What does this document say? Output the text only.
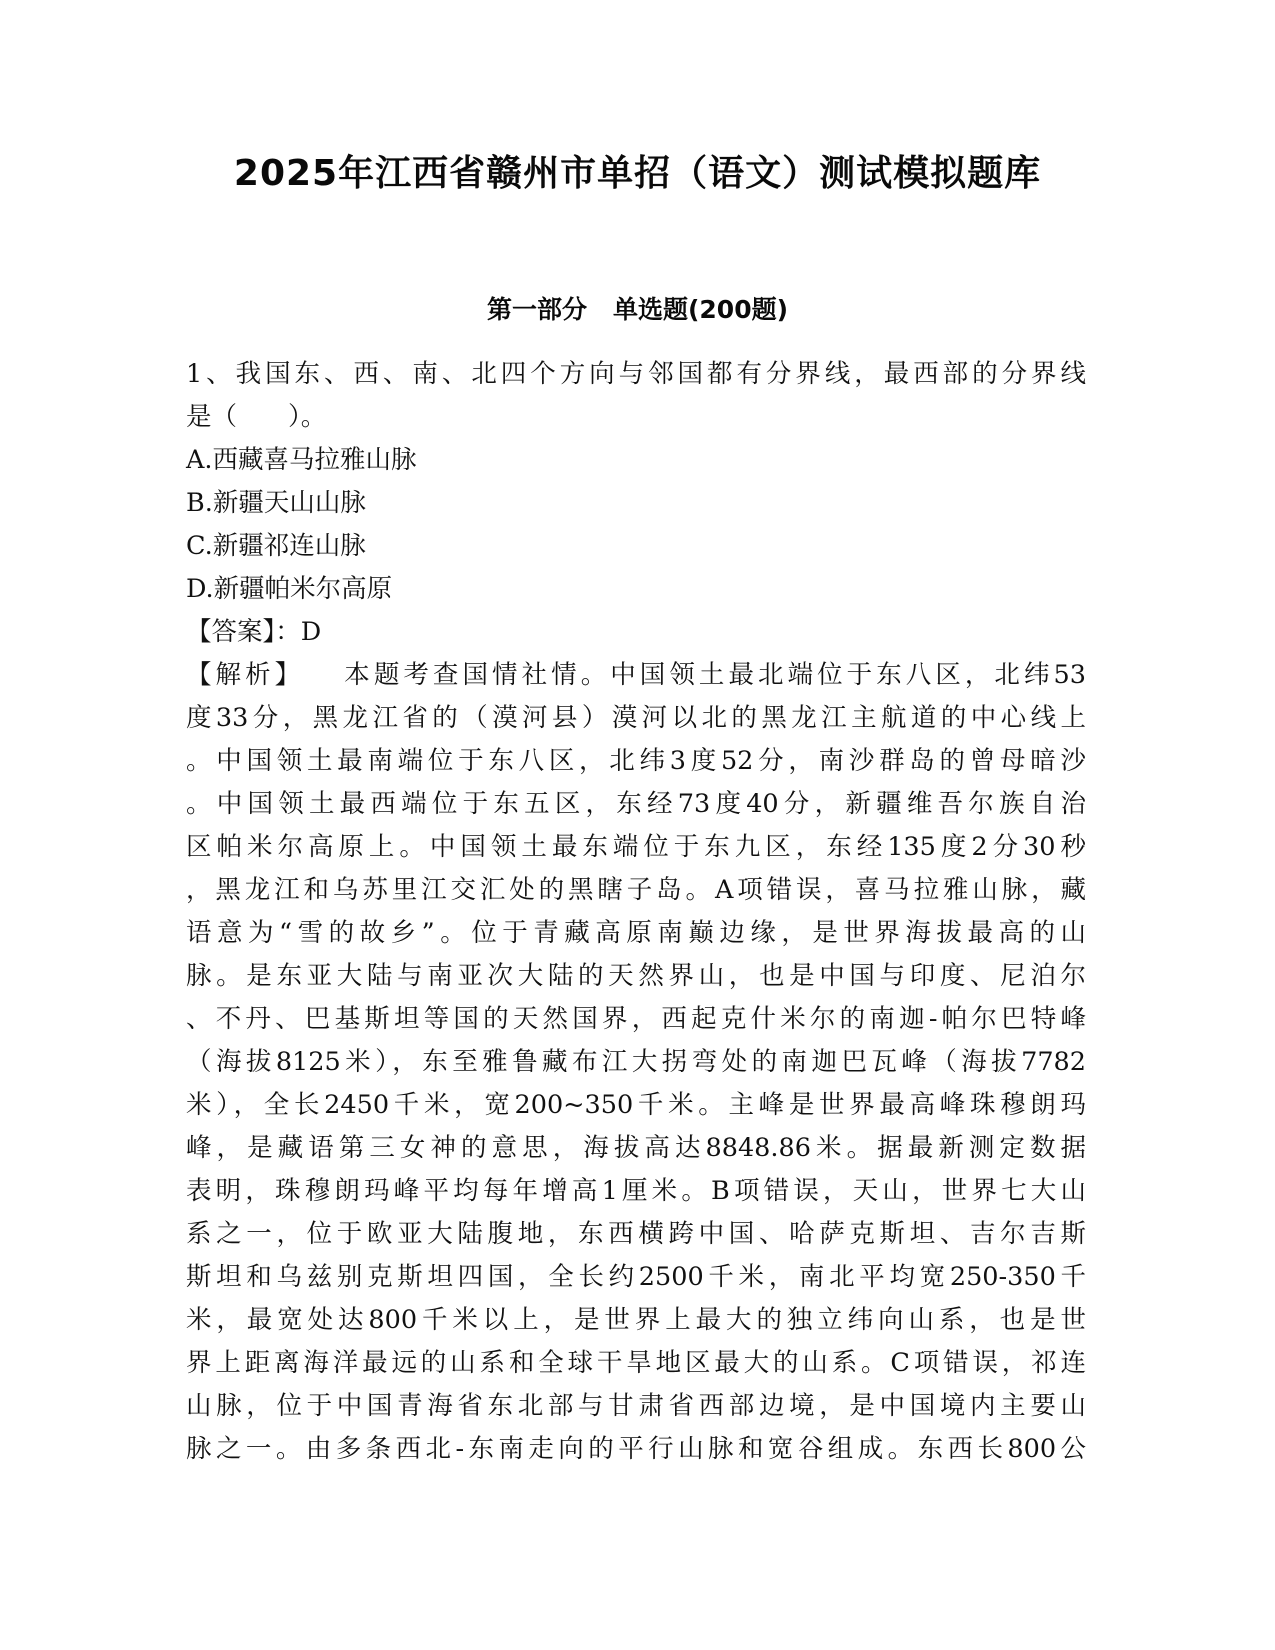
2025年江西省赣州市单招（语文）测试模拟题库
第一部分 单选题(200题)
1、我国东、西、南、北四个方向与邻国都有分界线，最西部的分界线
是（　　）。
A.西藏喜马拉雅山脉
B.新疆天山山脉
C.新疆祁连山脉
D.新疆帕米尔高原
【答案】：D
【解析】 本题考查国情社情。中国领土最北端位于东八区，北纬53
度33分，黑龙江省的（漠河县）漠河以北的黑龙江主航道的中心线上
。中国领土最南端位于东八区，北纬3度52分，南沙群岛的曾母暗沙
。中国领土最西端位于东五区，东经73度40分，新疆维吾尔族自治
区帕米尔高原上。中国领土最东端位于东九区，东经135度2分30秒
，黑龙江和乌苏里江交汇处的黑瞎子岛。A项错误，喜马拉雅山脉，藏
语意为“雪的故乡”。位于青藏高原南巅边缘，是世界海拔最高的山
脉。是东亚大陆与南亚次大陆的天然界山，也是中国与印度、尼泊尔
、不丹、巴基斯坦等国的天然国界，西起克什米尔的南迦-帕尔巴特峰
（海拔8125米），东至雅鲁藏布江大拐弯处的南迦巴瓦峰（海拔7782
米），全长2450千米，宽200~350千米。主峰是世界最高峰珠穆朗玛
峰，是藏语第三女神的意思，海拔高达8848.86米。据最新测定数据
表明，珠穆朗玛峰平均每年增高1厘米。B项错误，天山，世界七大山
系之一，位于欧亚大陆腹地，东西横跨中国、哈萨克斯坦、吉尔吉斯
斯坦和乌兹别克斯坦四国，全长约2500千米，南北平均宽250-350千
米，最宽处达800千米以上，是世界上最大的独立纬向山系，也是世
界上距离海洋最远的山系和全球干旱地区最大的山系。C项错误，祁连
山脉，位于中国青海省东北部与甘肃省西部边境，是中国境内主要山
脉之一。由多条西北-东南走向的平行山脉和宽谷组成。东西长800公
